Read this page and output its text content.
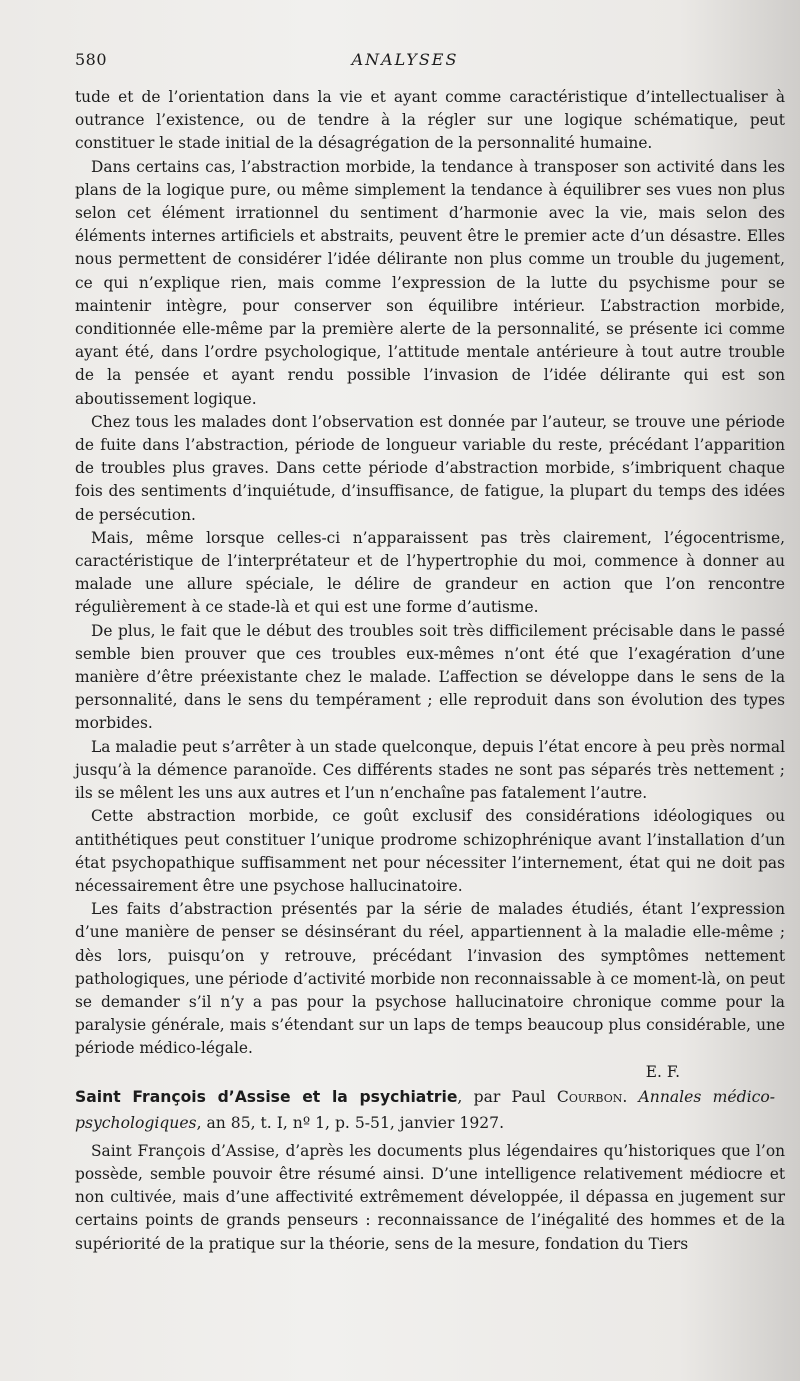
580	ANALYSES

tude et de l’orientation dans la vie et ayant comme caractéristique d’intellectualiser à outrance l’existence, ou de tendre à la régler sur une logique schématique, peut constituer le stade initial de la désagrégation de la personnalité humaine.

Dans certains cas, l’abstraction morbide, la tendance à transposer son activité dans les plans de la logique pure, ou même simplement la tendance à équilibrer ses vues non plus selon cet élément irrationnel du sentiment d’harmonie avec la vie, mais selon des éléments internes artificiels et abstraits, peuvent être le premier acte d’un désastre. Elles nous permettent de considérer l’idée délirante non plus comme un trouble du jugement, ce qui n’explique rien, mais comme l’expression de la lutte du psychisme pour se maintenir intègre, pour conserver son équilibre intérieur. L’abstraction morbide, conditionnée elle-même par la première alerte de la personnalité, se présente ici comme ayant été, dans l’ordre psychologique, l’attitude mentale antérieure à tout autre trouble de la pensée et ayant rendu possible l’invasion de l’idée délirante qui est son aboutissement logique.

Chez tous les malades dont l’observation est donnée par l’auteur, se trouve une période de fuite dans l’abstraction, période de longueur variable du reste, précédant l’apparition de troubles plus graves. Dans cette période d’abstraction morbide, s’imbriquent chaque fois des sentiments d’inquiétude, d’insuffisance, de fatigue, la plupart du temps des idées de persécution.

Mais, même lorsque celles-ci n’apparaissent pas très clairement, l’égocentrisme, caractéristique de l’interprétateur et de l’hypertrophie du moi, commence à donner au malade une allure spéciale, le délire de grandeur en action que l’on rencontre régulièrement à ce stade-là et qui est une forme d’autisme.

De plus, le fait que le début des troubles soit très difficilement précisable dans le passé semble bien prouver que ces troubles eux-mêmes n’ont été que l’exagération d’une manière d’être préexistante chez le malade. L’affection se développe dans le sens de la personnalité, dans le sens du tempérament ; elle reproduit dans son évolution des types morbides.

La maladie peut s’arrêter à un stade quelconque, depuis l’état encore à peu près normal jusqu’à la démence paranoïde. Ces différents stades ne sont pas séparés très nettement ; ils se mêlent les uns aux autres et l’un n’enchaîne pas fatalement l’autre.

Cette abstraction morbide, ce goût exclusif des considérations idéologiques ou antithétiques peut constituer l’unique prodrome schizophrénique avant l’installation d’un état psychopathique suffisamment net pour nécessiter l’internement, état qui ne doit pas nécessairement être une psychose hallucinatoire.

Les faits d’abstraction présentés par la série de malades étudiés, étant l’expression d’une manière de penser se désinsérant du réel, appartiennent à la maladie elle-même ; dès lors, puisqu’on y retrouve, précédant l’invasion des symptômes nettement pathologiques, une période d’activité morbide non reconnaissable à ce moment-là, on peut se demander s’il n’y a pas pour la psychose hallucinatoire chronique comme pour la paralysie générale, mais s’étendant sur un laps de temps beaucoup plus considérable, une période médico-légale.

E. F.

Saint François d’Assise et la psychiatrie, par Paul Courbon. Annales médico-psychologiques, an 85, t. I, nº 1, p. 5-51, janvier 1927.

Saint François d’Assise, d’après les documents plus légendaires qu’historiques que l’on possède, semble pouvoir être résumé ainsi. D’une intelligence relativement médiocre et non cultivée, mais d’une affectivité extrêmement développée, il dépassa en jugement sur certains points de grands penseurs : reconnaissance de l’inégalité des hommes et de la supériorité de la pratique sur la théorie, sens de la mesure, fondation du Tiers
